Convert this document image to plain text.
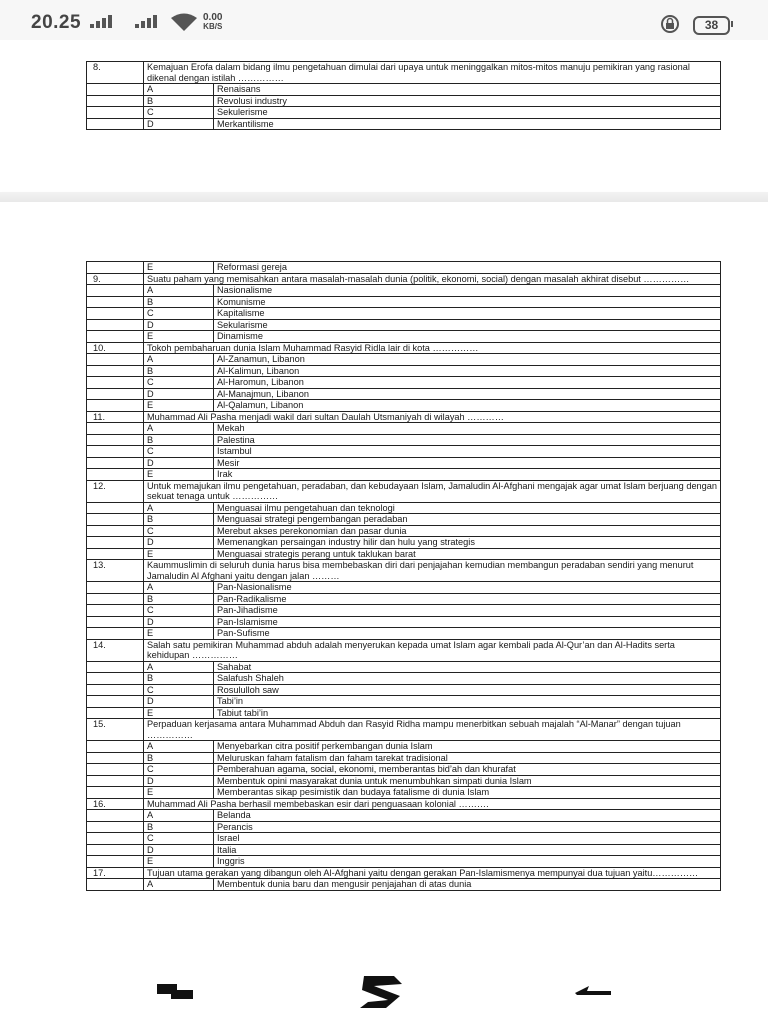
20.25	0.00
KB/S	38
8.	Kemajuan Erofa dalam bidang ilmu pengetahuan dimulai dari upaya untuk meninggalkan mitos-mitos manuju pemikiran yang rasional dikenal dengan istilah ……………	
	A	Renaisans
	B	Revolusi industry
	C	Sekulerisme
	D	Merkantilisme
	E	Reformasi gereja
9.	Suatu paham yang memisahkan antara masalah-masalah dunia (politik, ekonomi, social) dengan masalah akhirat disebut ……………	
	A	Nasionalisme
	B	Komunisme
	C	Kapitalisme
	D	Sekularisme
	E	Dinamisme
10.	Tokoh pembaharuan dunia Islam Muhammad Rasyid Ridla lair di kota ……………	
	A	Al-Zanamun, Libanon
	B	Al-Kalimun, Libanon
	C	Al-Haromun, Libanon
	D	Al-Manajmun, Libanon
	E	Al-Qalamun, Libanon
11.	Muhammad Ali Pasha menjadi wakil dari sultan Daulah Utsmaniyah di wilayah …………	
	A	Mekah
	B	Palestina
	C	Istambul
	D	Mesir
	E	Irak
12.	Untuk memajukan ilmu pengetahuan, peradaban, dan kebudayaan Islam, Jamaludin Al-Afghani mengajak agar umat Islam berjuang dengan sekuat tenaga untuk ……………	
	A	Menguasai ilmu pengetahuan dan teknologi
	B	Menguasai strategi pengembangan peradaban
	C	Merebut akses perekonomian dan pasar dunia
	D	Memenangkan persaingan industry hilir dan hulu yang strategis
	E	Menguasai strategis perang untuk taklukan barat
13.	Kaummuslimin di seluruh dunia harus bisa membebaskan diri dari penjajahan kemudian membangun peradaban sendiri yang menurut Jamaludin Al Afghani yaitu dengan jalan ………	
	A	Pan-Nasionalisme
	B	Pan-Radikalisme
	C	Pan-Jihadisme
	D	Pan-Islamisme
	E	Pan-Sufisme
14.	Salah satu pemikiran Muhammad abduh adalah menyerukan kepada umat Islam agar kembali pada Al-Qur’an dan Al-Hadits serta kehidupan ……………	
	A	Sahabat
	B	Salafush Shaleh
	C	Rosululloh saw
	D	Tabi’in
	E	Tabiut tabi’in
15.	Perpaduan kerjasama antara Muhammad Abduh dan Rasyid Ridha mampu menerbitkan sebuah majalah “Al-Manar” dengan tujuan ……………	
	A	Menyebarkan citra positif perkembangan dunia Islam
	B	Meluruskan faham fatalism dan faham tarekat tradisional
	C	Pemberahuan agama, social, ekonomi, memberantas bid’ah dan khurafat
	D	Membentuk opini masyarakat dunia untuk menumbuhkan simpati dunia Islam
	E	Memberantas sikap pesimistik dan budaya fatalisme di dunia Islam
16.	Muhammad Ali Pasha berhasil membebaskan esir dari penguasaan kolonial ……….	
	A	Belanda
	B	Perancis
	C	Israel
	D	Italia
	E	Inggris
17.	Tujuan utama gerakan yang dibangun oleh Al-Afghani yaitu dengan gerakan Pan-Islamismenya mempunyai dua tujuan yaitu……………	
	A	Membentuk dunia baru dan mengusir penjajahan di atas dunia
